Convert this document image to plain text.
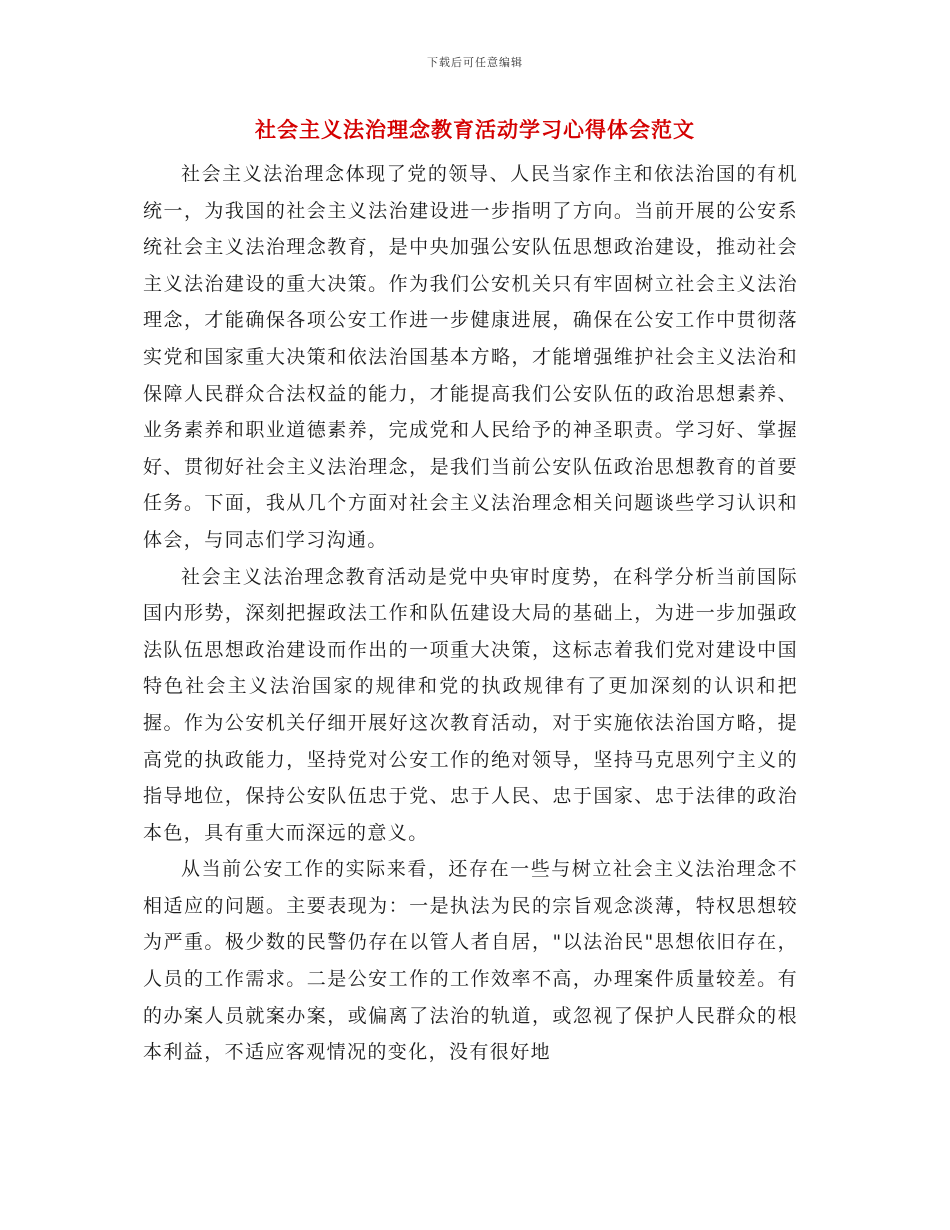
下载后可任意编辑
社会主义法治理念教育活动学习心得体会范文

社会主义法治理念体现了党的领导、人民当家作主和依法治国的有机统一，为我国的社会主义法治建设进一步指明了方向。当前开展的公安系统社会主义法治理念教育，是中央加强公安队伍思想政治建设，推动社会主义法治建设的重大决策。作为我们公安机关只有牢固树立社会主义法治理念，才能确保各项公安工作进一步健康进展，确保在公安工作中贯彻落实党和国家重大决策和依法治国基本方略，才能增强维护社会主义法治和保障人民群众合法权益的能力，才能提高我们公安队伍的政治思想素养、业务素养和职业道德素养，完成党和人民给予的神圣职责。学习好、掌握好、贯彻好社会主义法治理念，是我们当前公安队伍政治思想教育的首要任务。下面，我从几个方面对社会主义法治理念相关问题谈些学习认识和体会，与同志们学习沟通。

社会主义法治理念教育活动是党中央审时度势，在科学分析当前国际国内形势，深刻把握政法工作和队伍建设大局的基础上，为进一步加强政法队伍思想政治建设而作出的一项重大决策，这标志着我们党对建设中国特色社会主义法治国家的规律和党的执政规律有了更加深刻的认识和把握。作为公安机关仔细开展好这次教育活动，对于实施依法治国方略，提高党的执政能力，坚持党对公安工作的绝对领导，坚持马克思列宁主义的指导地位，保持公安队伍忠于党、忠于人民、忠于国家、忠于法律的政治本色，具有重大而深远的意义。

从当前公安工作的实际来看，还存在一些与树立社会主义法治理念不相适应的问题。主要表现为：一是执法为民的宗旨观念淡薄，特权思想较为严重。极少数的民警仍存在以管人者自居，"以法治民"思想依旧存在，人员的工作需求。二是公安工作的工作效率不高，办理案件质量较差。有的办案人员就案办案，或偏离了法治的轨道，或忽视了保护人民群众的根本利益，不适应客观情况的变化，没有很好地
